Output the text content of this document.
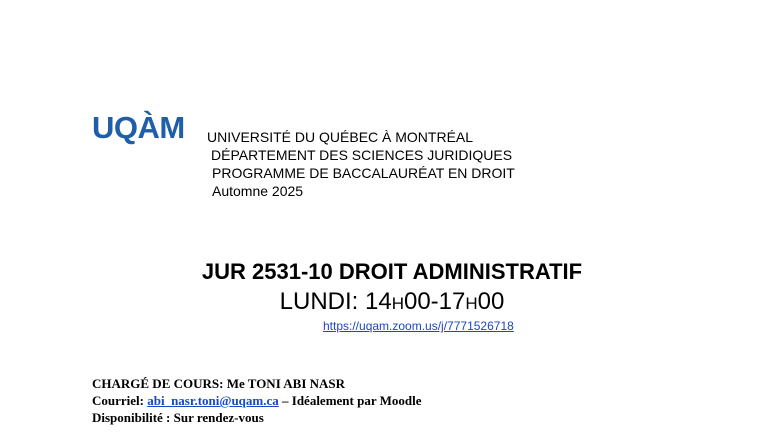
UQÀM UNIVERSITÉ DU QUÉBEC À MONTRÉAL
DÉPARTEMENT DES SCIENCES JURIDIQUES
PROGRAMME DE BACCALAURÉAT EN DROIT
Automne 2025
JUR 2531-10 DROIT ADMINISTRATIF
LUNDI: 14h00-17h00
https://uqam.zoom.us/j/7771526718
CHARGÉ DE COURS: Me TONI ABI NASR
Courriel: abi_nasr.toni@uqam.ca – Idéalement par Moodle
Disponibilité : Sur rendez-vous
